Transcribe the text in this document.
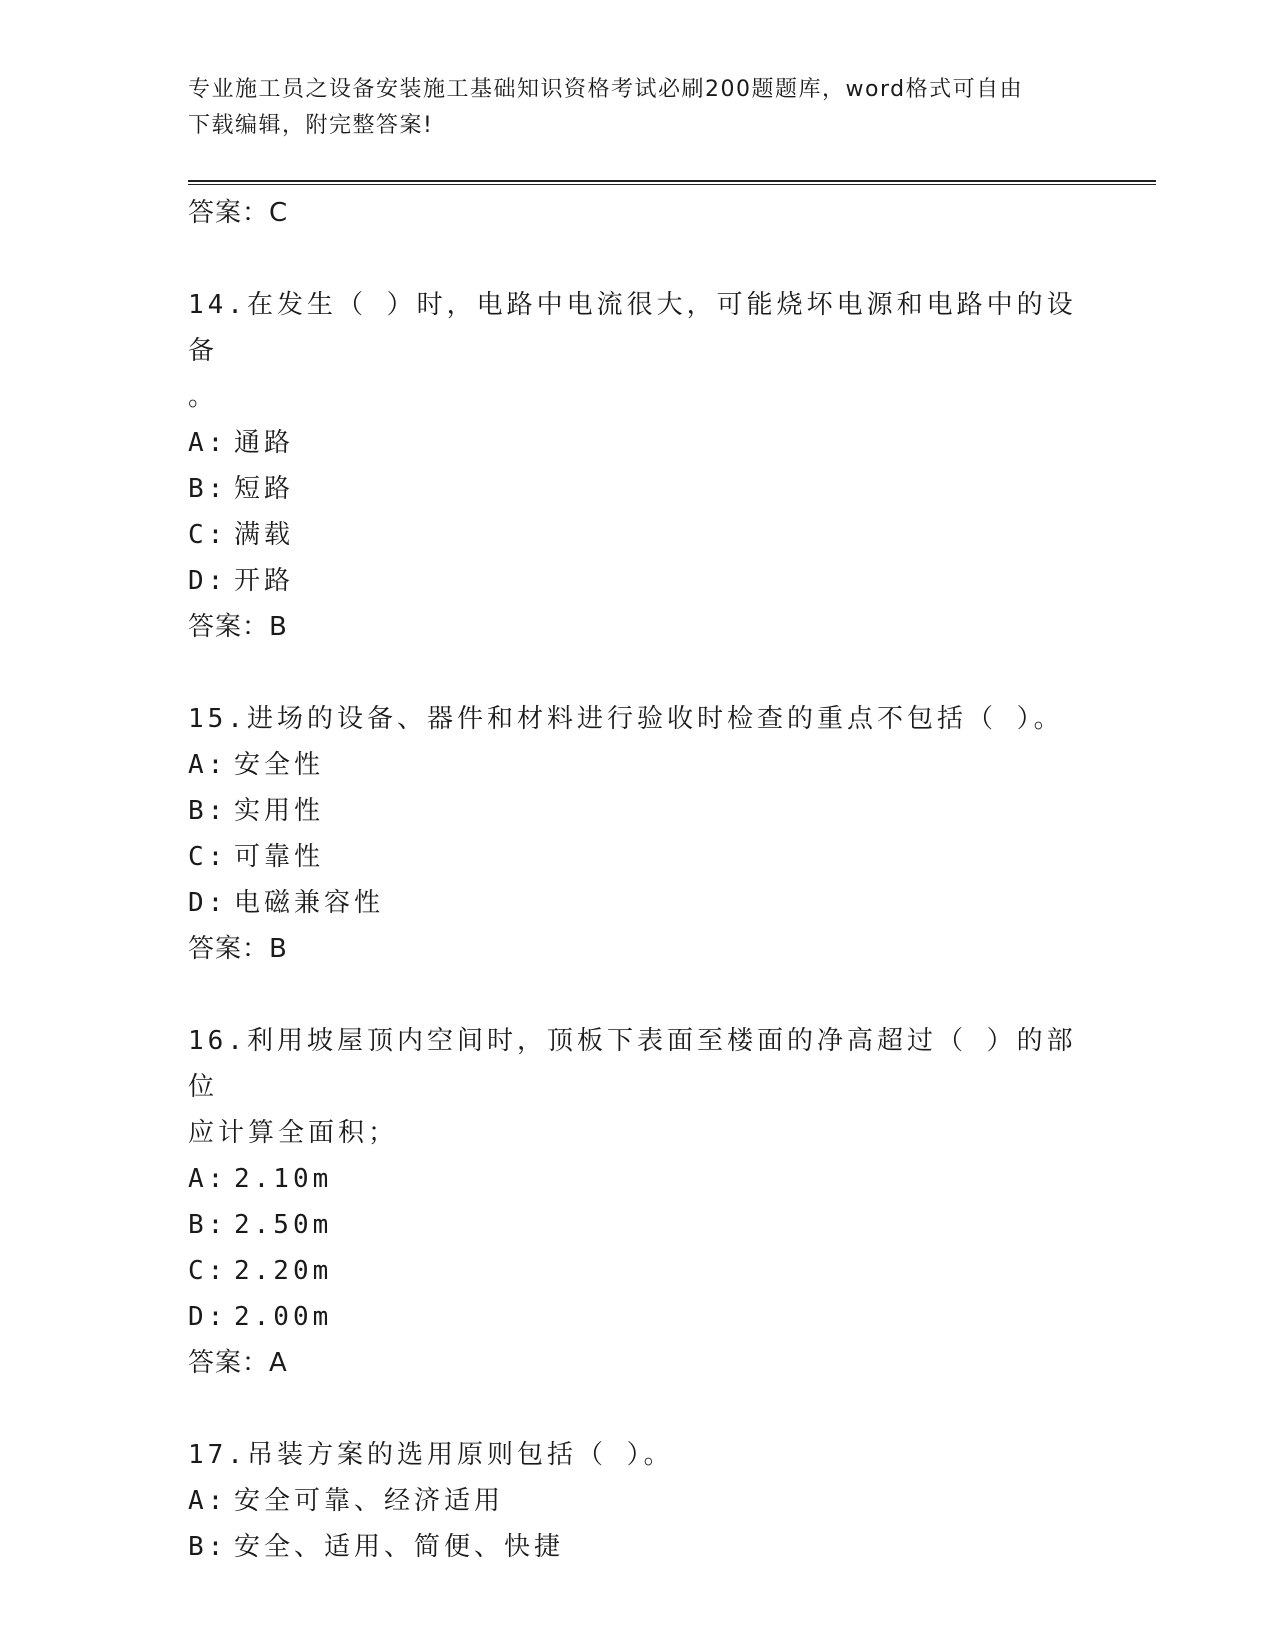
专业施工员之设备安装施工基础知识资格考试必刷200题题库，word格式可自由
下载编辑，附完整答案!
答案：C
14.在发生（ ）时，电路中电流很大，可能烧坏电源和电路中的设备
。
A: 通路
B: 短路
C: 满载
D: 开路
答案：B
15.进场的设备、器件和材料进行验收时检查的重点不包括（ ）。
A: 安全性
B: 实用性
C: 可靠性
D: 电磁兼容性
答案：B
16.利用坡屋顶内空间时，顶板下表面至楼面的净高超过（ ）的部位
应计算全面积；
A: 2.10m
B: 2.50m
C: 2.20m
D: 2.00m
答案：A
17.吊装方案的选用原则包括（ ）。
A: 安全可靠、经济适用
B: 安全、适用、简便、快捷
